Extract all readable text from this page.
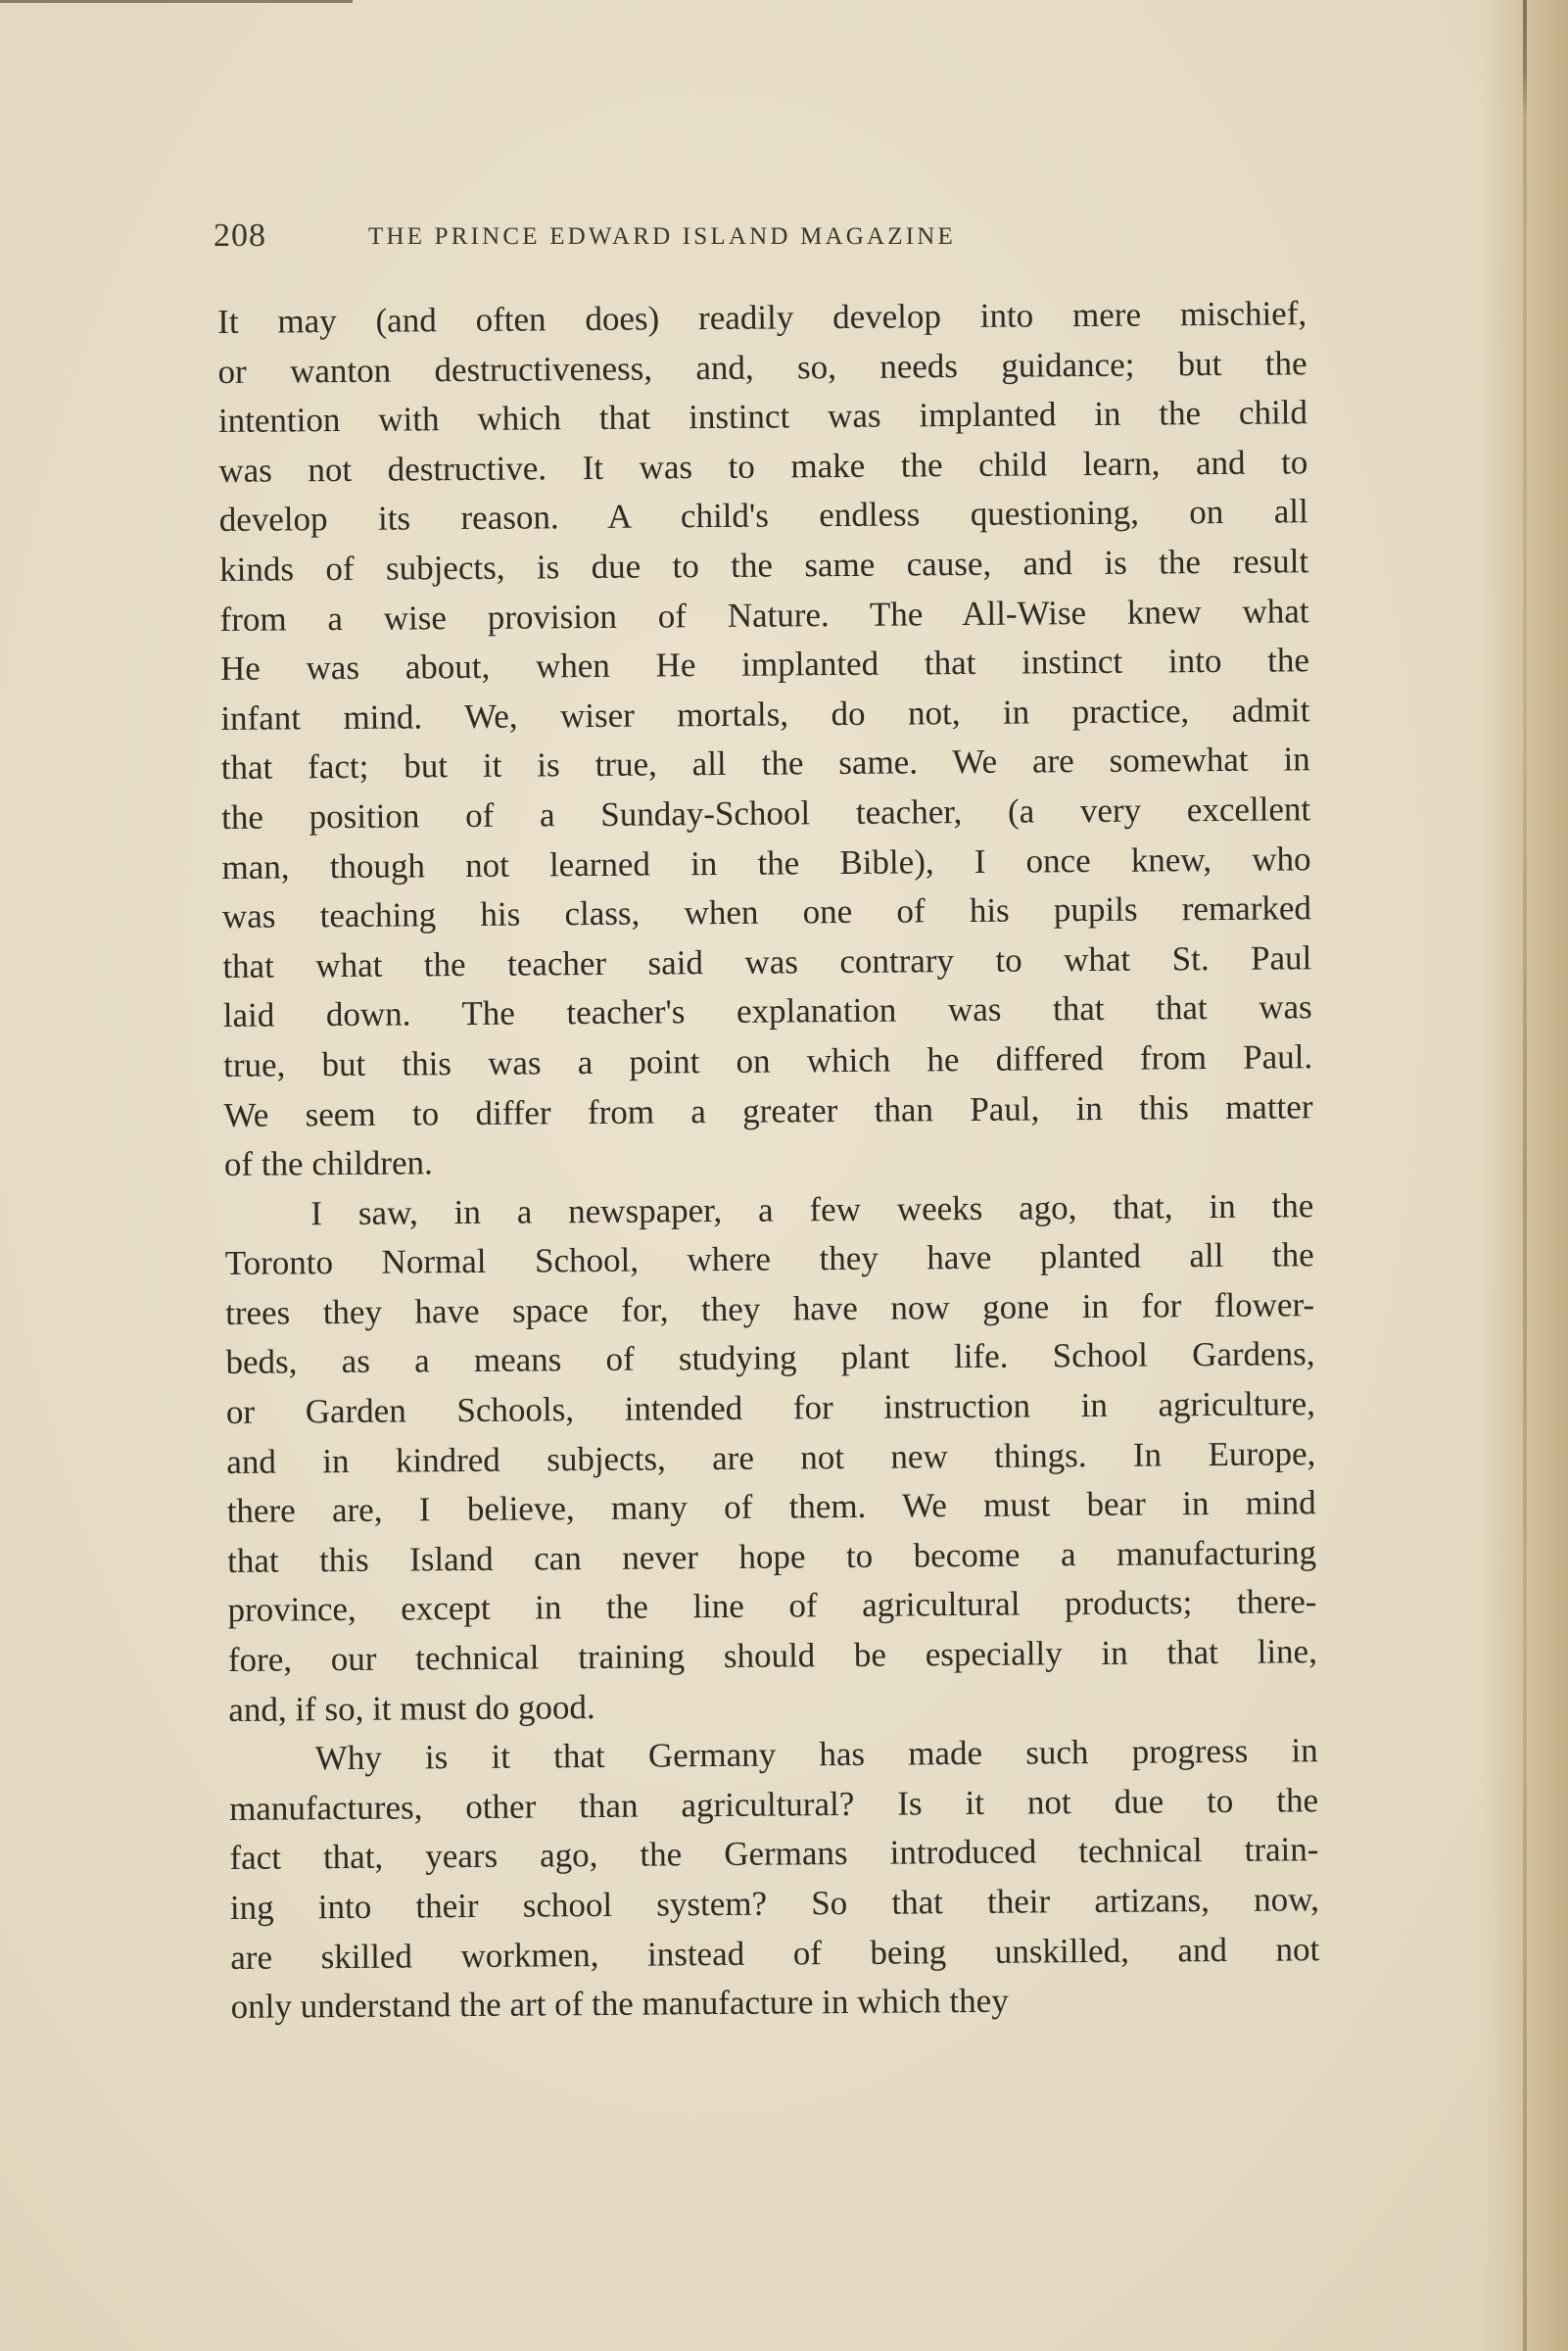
208	THE PRINCE EDWARD ISLAND MAGAZINE
It may (and often does) readily develop into mere mischief,
or wanton destructiveness, and, so, needs guidance; but the
intention with which that instinct was implanted in the child
was not destructive. It was to make the child learn, and to
develop its reason. A child's endless questioning, on all
kinds of subjects, is due to the same cause, and is the result
from a wise provision of Nature. The All-Wise knew what
He was about, when He implanted that instinct into the
infant mind. We, wiser mortals, do not, in practice, admit
that fact; but it is true, all the same. We are somewhat in
the position of a Sunday-School teacher, (a very excellent
man, though not learned in the Bible), I once knew, who
was teaching his class, when one of his pupils remarked
that what the teacher said was contrary to what St. Paul
laid down. The teacher's explanation was that that was
true, but this was a point on which he differed from Paul.
We seem to differ from a greater than Paul, in this matter
of the children.
I saw, in a newspaper, a few weeks ago, that, in the
Toronto Normal School, where they have planted all the
trees they have space for, they have now gone in for flower-
beds, as a means of studying plant life. School Gardens,
or Garden Schools, intended for instruction in agriculture,
and in kindred subjects, are not new things. In Europe,
there are, I believe, many of them. We must bear in mind
that this Island can never hope to become a manufacturing
province, except in the line of agricultural products; there-
fore, our technical training should be especially in that line,
and, if so, it must do good.
Why is it that Germany has made such progress in
manufactures, other than agricultural? Is it not due to the
fact that, years ago, the Germans introduced technical train-
ing into their school system? So that their artizans, now,
are skilled workmen, instead of being unskilled, and not
only understand the art of the manufacture in which they
